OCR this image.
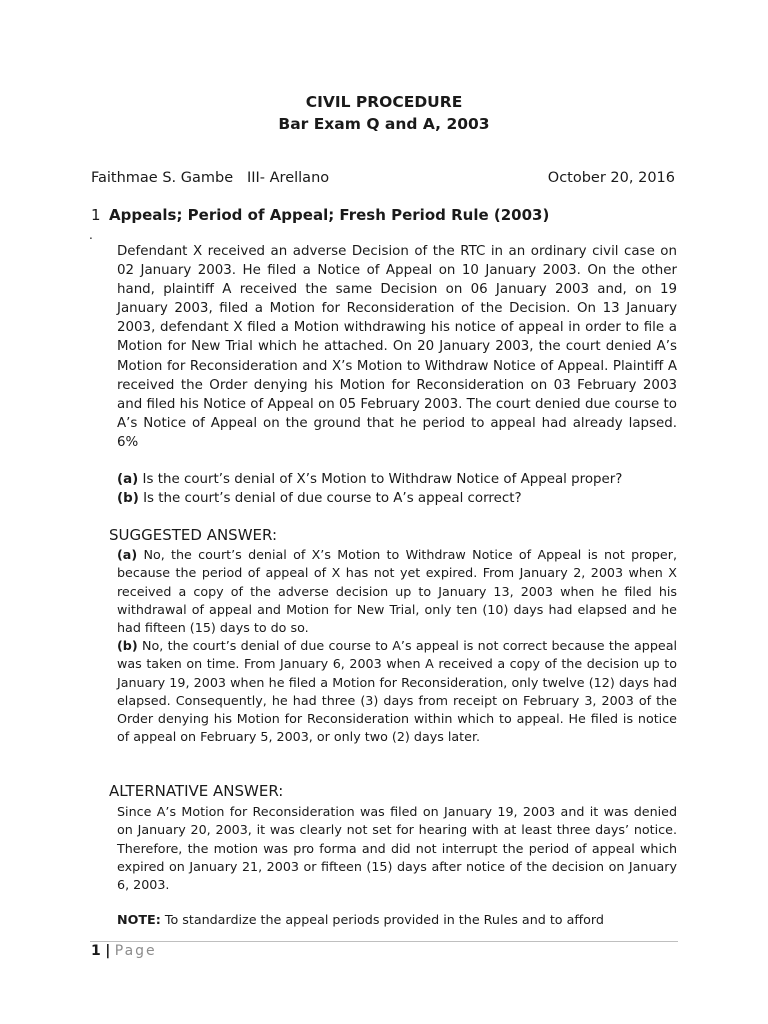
CIVIL PROCEDURE
Bar Exam Q and A, 2003
Faithmae S. Gambe III- Arellano	October 20, 2016
1
.
Appeals; Period of Appeal; Fresh Period Rule (2003)

Defendant X received an adverse Decision of the RTC in an ordinary civil case on 02 January 2003. He filed a Notice of Appeal on 10 January 2003. On the other hand, plaintiff A received the same Decision on 06 January 2003 and, on 19 January 2003, filed a Motion for Reconsideration of the Decision. On 13 January 2003, defendant X filed a Motion withdrawing his notice of appeal in order to file a Motion for New Trial which he attached. On 20 January 2003, the court denied A’s Motion for Reconsideration and X’s Motion to Withdraw Notice of Appeal. Plaintiff A received the Order denying his Motion for Reconsideration on 03 February 2003 and filed his Notice of Appeal on 05 February 2003. The court denied due course to A’s Notice of Appeal on the ground that he period to appeal had already lapsed. 6%

(a) Is the court’s denial of X’s Motion to Withdraw Notice of Appeal proper?
(b) Is the court’s denial of due course to A’s appeal correct?
SUGGESTED ANSWER:

(a) No, the court’s denial of X’s Motion to Withdraw Notice of Appeal is not proper, because the period of appeal of X has not yet expired. From January 2, 2003 when X received a copy of the adverse decision up to January 13, 2003 when he filed his withdrawal of appeal and Motion for New Trial, only ten (10) days had elapsed and he had fifteen (15) days to do so.

(b) No, the court’s denial of due course to A’s appeal is not correct because the appeal was taken on time. From January 6, 2003 when A received a copy of the decision up to January 19, 2003 when he filed a Motion for Reconsideration, only twelve (12) days had elapsed. Consequently, he had three (3) days from receipt on February 3, 2003 of the Order denying his Motion for Reconsideration within which to appeal. He filed is notice of appeal on February 5, 2003, or only two (2) days later.

ALTERNATIVE ANSWER:

Since A’s Motion for Reconsideration was filed on January 19, 2003 and it was denied on January 20, 2003, it was clearly not set for hearing with at least three days’ notice. Therefore, the motion was pro forma and did not interrupt the period of appeal which expired on January 21, 2003 or fifteen (15) days after notice of the decision on January 6, 2003.

NOTE: To standardize the appeal periods provided in the Rules and to afford

1 | Page
